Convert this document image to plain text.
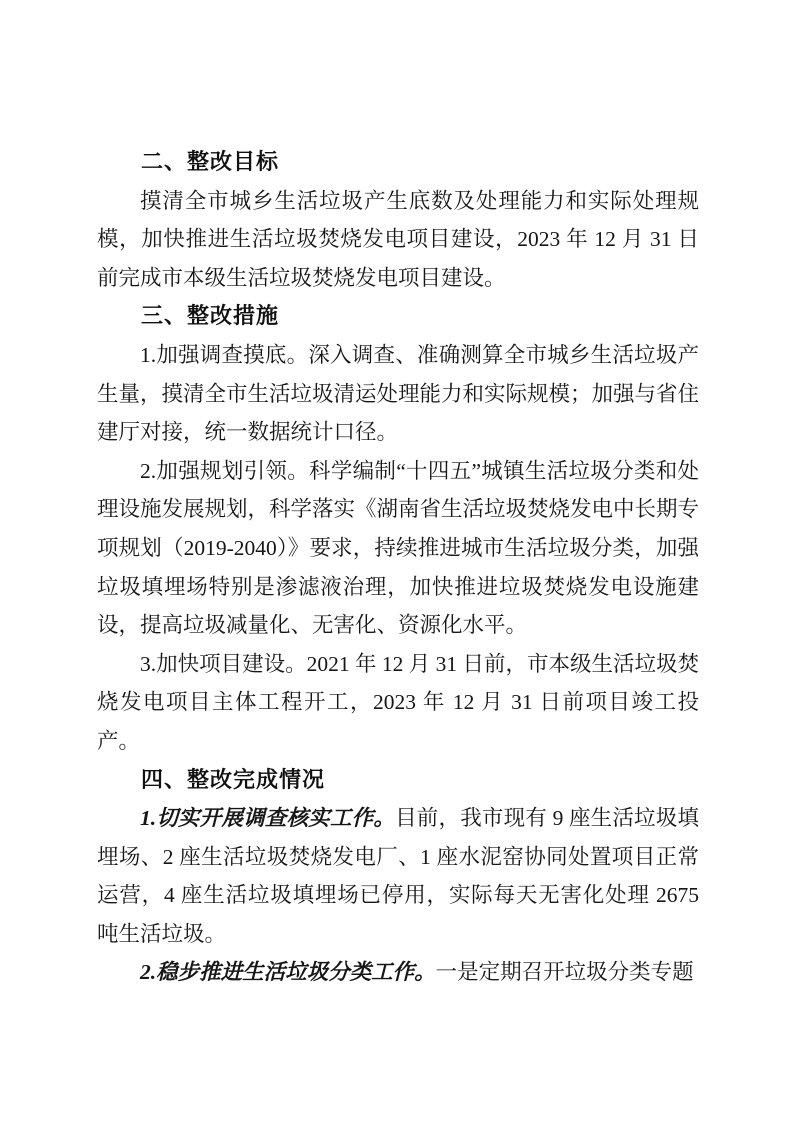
二、整改目标

摸清全市城乡生活垃圾产生底数及处理能力和实际处理规模，加快推进生活垃圾焚烧发电项目建设，2023 年 12 月 31 日前完成市本级生活垃圾焚烧发电项目建设。

三、整改措施

1.加强调查摸底。深入调查、准确测算全市城乡生活垃圾产生量，摸清全市生活垃圾清运处理能力和实际规模；加强与省住建厅对接，统一数据统计口径。

2.加强规划引领。科学编制“十四五”城镇生活垃圾分类和处理设施发展规划，科学落实《湖南省生活垃圾焚烧发电中长期专项规划（2019-2040）》要求，持续推进城市生活垃圾分类，加强垃圾填埋场特别是渗滤液治理，加快推进垃圾焚烧发电设施建设，提高垃圾减量化、无害化、资源化水平。

3.加快项目建设。2021 年 12 月 31 日前，市本级生活垃圾焚烧发电项目主体工程开工，2023 年 12 月 31 日前项目竣工投产。

四、整改完成情况

1.切实开展调查核实工作。目前，我市现有 9 座生活垃圾填埋场、2 座生活垃圾焚烧发电厂、1 座水泥窑协同处置项目正常运营，4 座生活垃圾填埋场已停用，实际每天无害化处理 2675 吨生活垃圾。

2.稳步推进生活垃圾分类工作。一是定期召开垃圾分类专题
